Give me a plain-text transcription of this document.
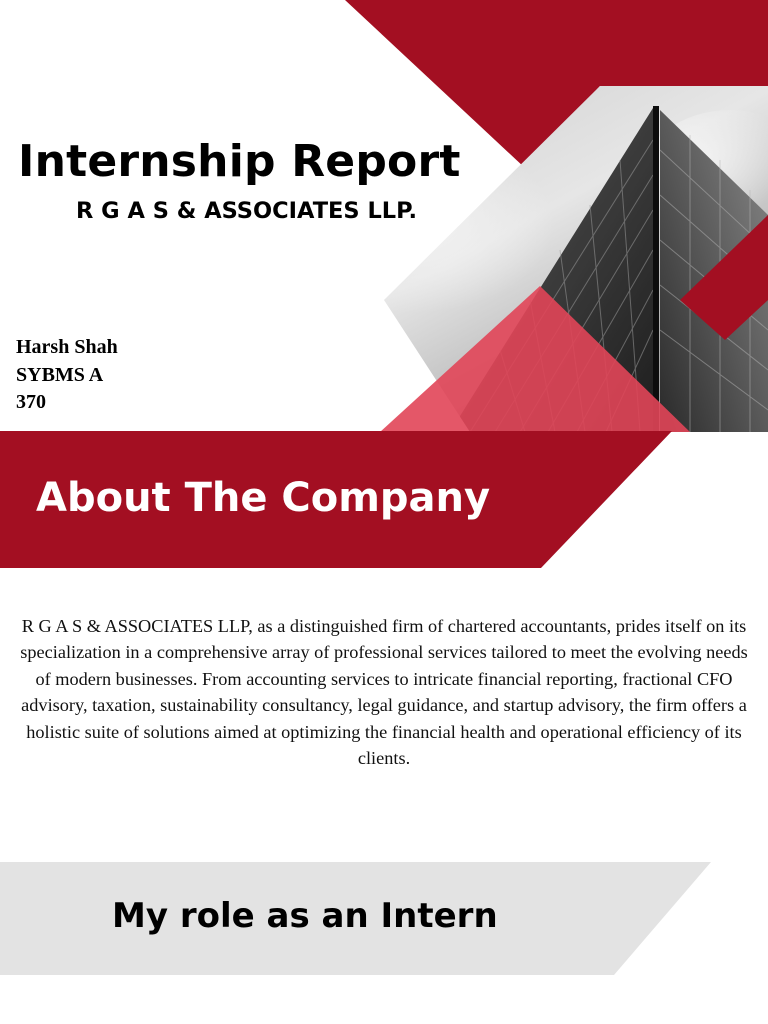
Internship Report
R G A S & ASSOCIATES LLP.
Harsh Shah
SYBMS A
370
About The Company

R G A S & ASSOCIATES LLP, as a distinguished firm of chartered accountants, prides itself on its specialization in a comprehensive array of professional services tailored to meet the evolving needs of modern businesses. From accounting services to intricate financial reporting, fractional CFO advisory, taxation, sustainability consultancy, legal guidance, and startup advisory, the firm offers a holistic suite of solutions aimed at optimizing the financial health and operational efficiency of its clients.

My role as an Intern
